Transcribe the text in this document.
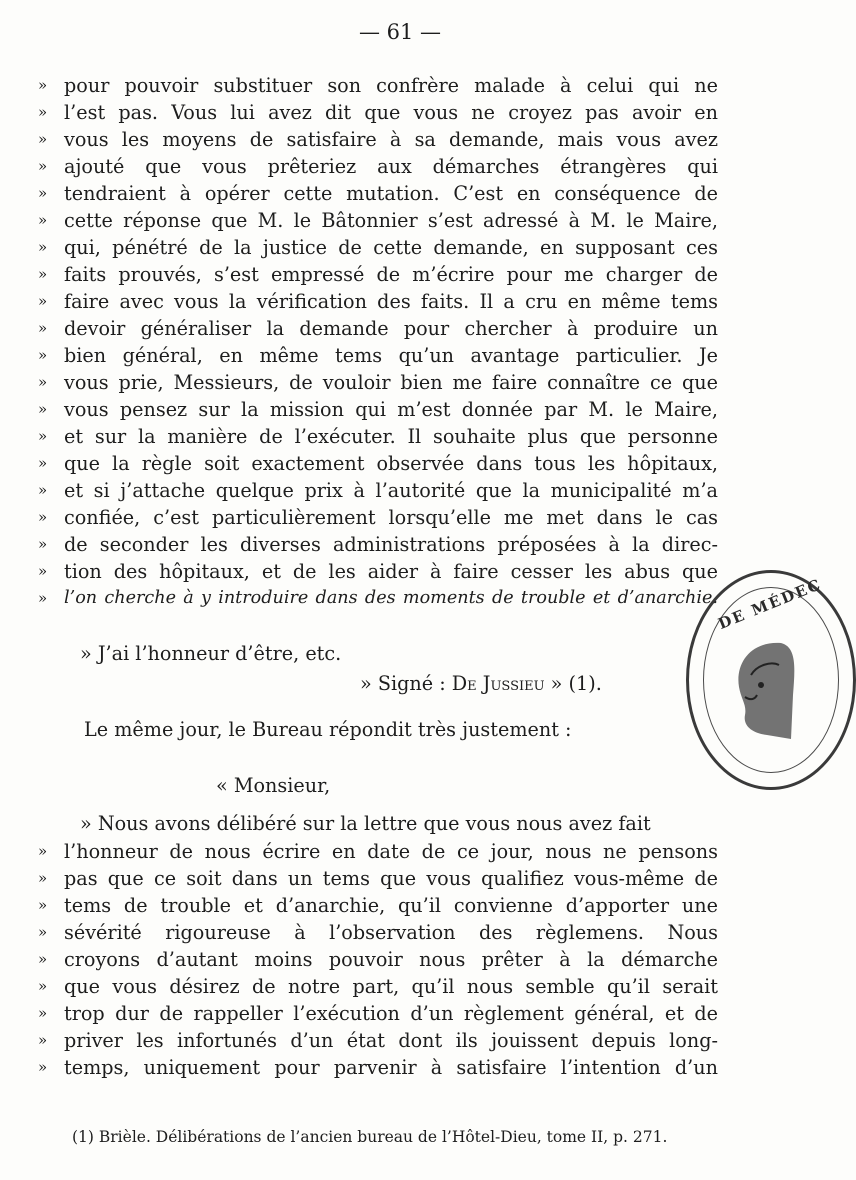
— 61 —
» pour pouvoir substituer son confrère malade à celui qui ne
» l’est pas. Vous lui avez dit que vous ne croyez pas avoir en
» vous les moyens de satisfaire à sa demande, mais vous avez
» ajouté que vous prêteriez aux démarches étrangères qui
» tendraient à opérer cette mutation. C’est en conséquence de
» cette réponse que M. le Bâtonnier s’est adressé à M. le Maire,
» qui, pénétré de la justice de cette demande, en supposant ces
» faits prouvés, s’est empressé de m’écrire pour me charger de
» faire avec vous la vérification des faits. Il a cru en même tems
» devoir généraliser la demande pour chercher à produire un
» bien général, en même tems qu’un avantage particulier. Je
» vous prie, Messieurs, de vouloir bien me faire connaître ce que
» vous pensez sur la mission qui m’est donnée par M. le Maire,
» et sur la manière de l’exécuter. Il souhaite plus que personne
» que la règle soit exactement observée dans tous les hôpitaux,
» et si j’attache quelque prix à l’autorité que la municipalité m’a
» confiée, c’est particulièrement lorsqu’elle me met dans le cas
» de seconder les diverses administrations préposées à la direc-
» tion des hôpitaux, et de les aider à faire cesser les abus que
» l’on cherche à y introduire dans des moments de trouble et d’anarchie.
» J’ai l’honneur d’être, etc.
» Signé : De Jussieu » (1).
Le même jour, le Bureau répondit très justement :
« Monsieur,
» Nous avons délibéré sur la lettre que vous nous avez fait
» l’honneur de nous écrire en date de ce jour, nous ne pensons
» pas que ce soit dans un tems que vous qualifiez vous-même de
» tems de trouble et d’anarchie, qu’il convienne d’apporter une
» sévérité rigoureuse à l’observation des règlemens. Nous
» croyons d’autant moins pouvoir nous prêter à la démarche
» que vous désirez de notre part, qu’il nous semble qu’il serait
» trop dur de rappeller l’exécution d’un règlement général, et de
» priver les infortunés d’un état dont ils jouissent depuis long-
» temps, uniquement pour parvenir à satisfaire l’intention d’un
(1) Brièle. Délibérations de l’ancien bureau de l’Hôtel-Dieu, tome II, p. 271.
DE MÉDEC
